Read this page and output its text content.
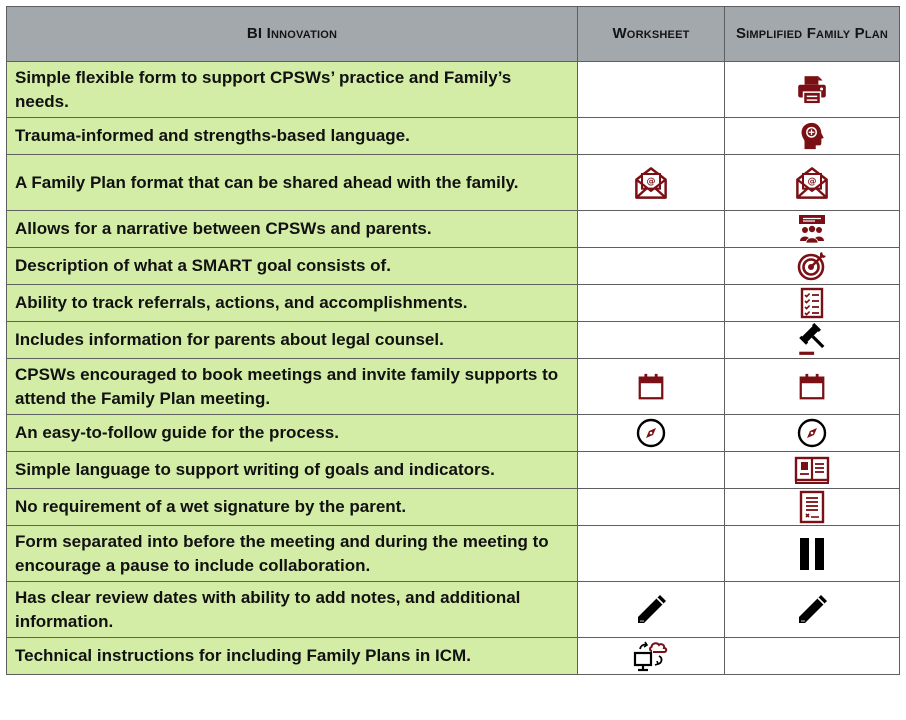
BI Innovation	Worksheet	Simplified Family Plan
Simple flexible form to support CPSWs’ practice and Family’s needs.		
Trauma-informed and strengths-based language.		
A Family Plan format that can be shared ahead with the family.	@	@

Allows for a narrative between CPSWs and parents.		
Description of what a SMART goal consists of.		
Ability to track referrals, actions, and accomplishments.		
Includes information for parents about legal counsel.		
CPSWs encouraged to book meetings and invite family supports to attend the Family Plan meeting.		
An easy-to-follow guide for the process.		
Simple language to support writing of goals and indicators.		
No requirement of a wet signature by the parent.		
Form separated into before the meeting and during the meeting to encourage a pause to include collaboration.		
Has clear review dates with ability to add notes, and additional information.		
Technical instructions for including Family Plans in ICM.		
